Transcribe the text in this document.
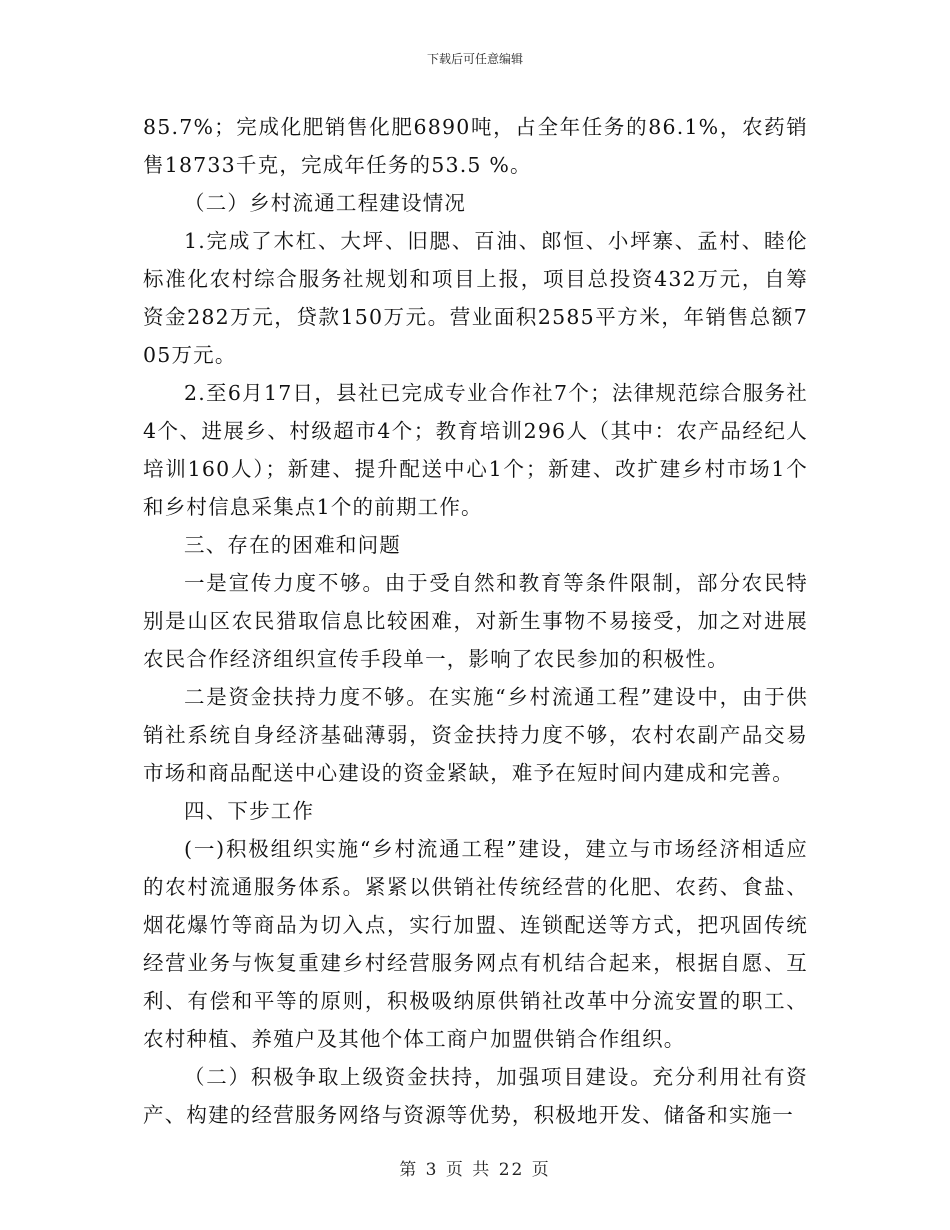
下载后可任意编辑

85.7%；完成化肥销售化肥6890吨，占全年任务的86.1%，农药销售18733千克，完成年任务的53.5 %。

（二）乡村流通工程建设情况

1.完成了木杠、大坪、旧腮、百油、郎恒、小坪寨、孟村、睦伦标准化农村综合服务社规划和项目上报，项目总投资432万元，自筹资金282万元，贷款150万元。营业面积2585平方米，年销售总额705万元。

2.至6月17日，县社已完成专业合作社7个；法律规范综合服务社4个、进展乡、村级超市4个；教育培训296人（其中：农产品经纪人培训160人）；新建、提升配送中心1个；新建、改扩建乡村市场1个和乡村信息采集点1个的前期工作。

三、存在的困难和问题

一是宣传力度不够。由于受自然和教育等条件限制，部分农民特别是山区农民猎取信息比较困难，对新生事物不易接受，加之对进展农民合作经济组织宣传手段单一，影响了农民参加的积极性。

二是资金扶持力度不够。在实施“乡村流通工程”建设中，由于供销社系统自身经济基础薄弱，资金扶持力度不够，农村农副产品交易市场和商品配送中心建设的资金紧缺，难予在短时间内建成和完善。

四、下步工作

(一)积极组织实施“乡村流通工程”建设，建立与市场经济相适应的农村流通服务体系。紧紧以供销社传统经营的化肥、农药、食盐、烟花爆竹等商品为切入点，实行加盟、连锁配送等方式，把巩固传统经营业务与恢复重建乡村经营服务网点有机结合起来，根据自愿、互利、有偿和平等的原则，积极吸纳原供销社改革中分流安置的职工、农村种植、养殖户及其他个体工商户加盟供销合作组织。

（二）积极争取上级资金扶持，加强项目建设。充分利用社有资产、构建的经营服务网络与资源等优势，积极地开发、储备和实施一

第 3 页 共 22 页
